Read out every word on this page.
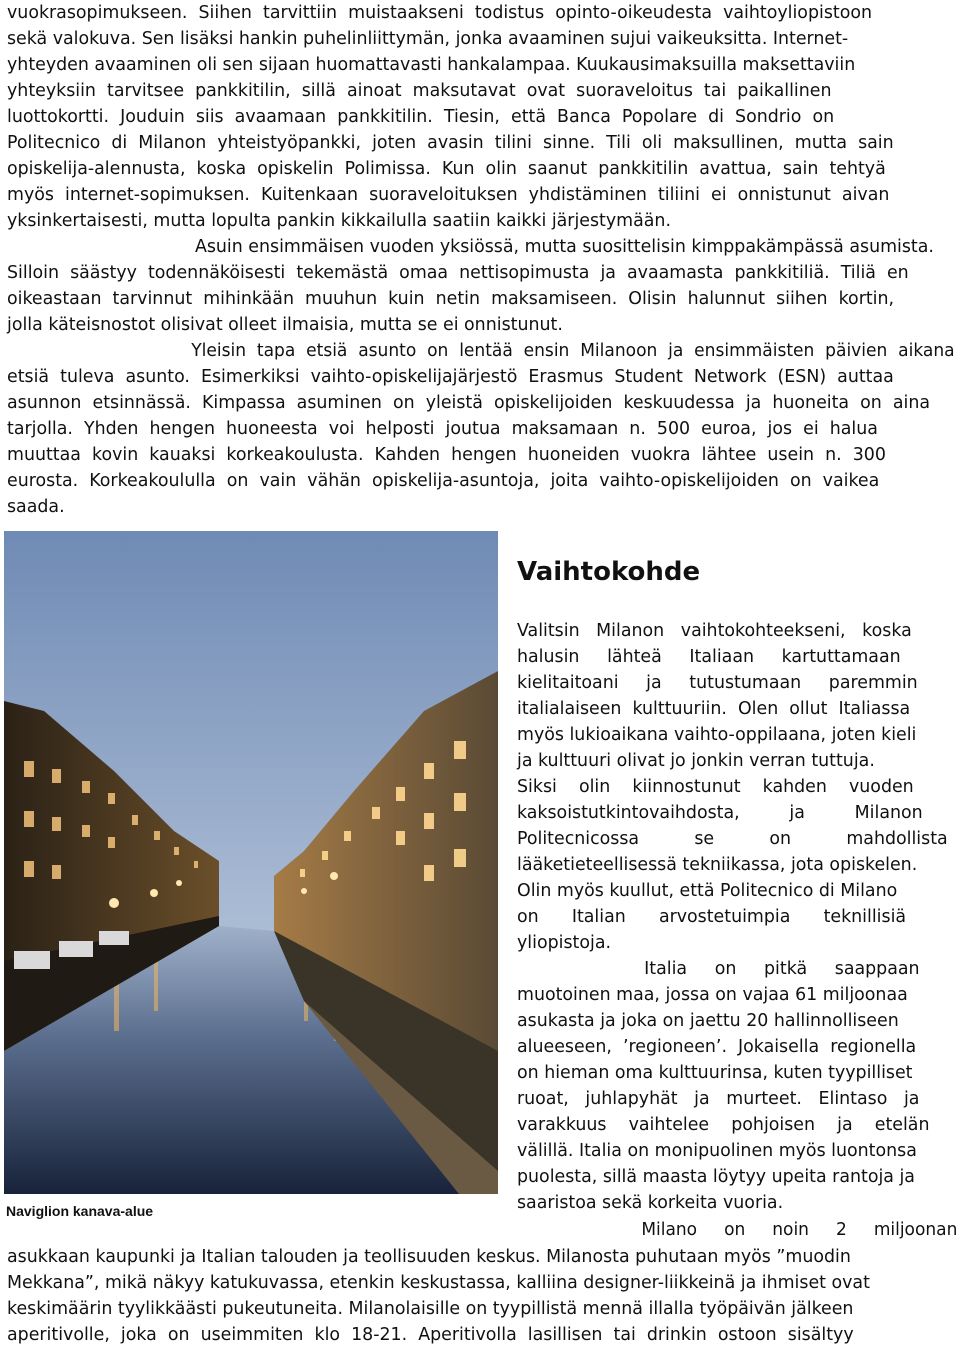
vuokrasopimukseen.  Siihen  tarvittiin  muistaakseni  todistus  opinto-oikeudesta  vaihtoyliopistoon
sekä valokuva. Sen lisäksi hankin puhelinliittymän, jonka avaaminen sujui vaikeuksitta. Internet-
yhteyden avaaminen oli sen sijaan huomattavasti hankalampaa. Kuukausimaksuilla maksettaviin
yhteyksiin  tarvitsee  pankkitilin,  sillä  ainoat  maksutavat  ovat  suoraveloitus  tai  paikallinen
luottokortti.  Jouduin  siis  avaamaan  pankkitilin.  Tiesin,  että  Banca  Popolare  di  Sondrio  on
Politecnico  di  Milanon  yhteistyöpankki,  joten  avasin  tilini  sinne.  Tili  oli  maksullinen,  mutta  sain
opiskelija-alennusta,  koska  opiskelin  Polimissa.  Kun  olin  saanut  pankkitilin  avattua,  sain  tehtyä
myös  internet-sopimuksen.  Kuitenkaan  suoraveloituksen  yhdistäminen  tiliini  ei  onnistunut  aivan
yksinkertaisesti, mutta lopulta pankin kikkailulla saatiin kaikki järjestymään.
Asuin ensimmäisen vuoden yksiössä, mutta suosittelisin kimppakämpässä asumista.
Silloin  säästyy  todennäköisesti  tekemästä  omaa  nettisopimusta  ja  avaamasta  pankkitiliä.  Tiliä  en
oikeastaan  tarvinnut  mihinkään  muuhun  kuin  netin  maksamiseen.  Olisin  halunnut  siihen  kortin,
jolla käteisnostot olisivat olleet ilmaisia, mutta se ei onnistunut.
Yleisin  tapa  etsiä  asunto  on  lentää  ensin  Milanoon  ja  ensimmäisten  päivien  aikana
etsiä  tuleva  asunto.  Esimerkiksi  vaihto-opiskelijajärjestö  Erasmus  Student  Network  (ESN)  auttaa
asunnon  etsinnässä.  Kimpassa  asuminen  on  yleistä  opiskelijoiden  keskuudessa  ja  huoneita  on  aina
tarjolla.  Yhden  hengen  huoneesta  voi  helposti  joutua  maksamaan  n.  500  euroa,  jos  ei  halua
muuttaa  kovin  kauaksi  korkeakoulusta.  Kahden  hengen  huoneiden  vuokra  lähtee  usein  n.  300
eurosta.  Korkeakoululla  on  vain  vähän  opiskelija-asuntoja,  joita  vaihto-opiskelijoiden  on  vaikea
saada.
Naviglion kanava-alue
Vaihtokohde
Valitsin   Milanon   vaihtokohteekseni,   koska
halusin     lähteä     Italiaan     kartuttamaan
kielitaitoani     ja     tutustumaan     paremmin
italialaiseen  kulttuuriin.  Olen  ollut  Italiassa
myös lukioaikana vaihto-oppilaana, joten kieli
ja kulttuuri olivat jo jonkin verran tuttuja.
Siksi    olin    kiinnostunut    kahden    vuoden
kaksoistutkintovaihdosta,         ja         Milanon
Politecnicossa          se          on          mahdollista
lääketieteellisessä tekniikassa, jota opiskelen.
Olin myös kuullut, että Politecnico di Milano
on      Italian      arvostetuimpia      teknillisiä
yliopistoja.
Italia     on     pitkä     saappaan
muotoinen maa, jossa on vajaa 61 miljoonaa
asukasta ja joka on jaettu 20 hallinnolliseen
alueeseen,  ’regioneen’.  Jokaisella  regionella
on hieman oma kulttuurinsa, kuten tyypilliset
ruoat,   juhlapyhät   ja   murteet.   Elintaso   ja
varakkuus    vaihtelee    pohjoisen    ja    etelän
välillä. Italia on monipuolinen myös luontonsa
puolesta, sillä maasta löytyy upeita rantoja ja
saaristoa sekä korkeita vuoria.
Milano     on     noin     2     miljoonan
asukkaan kaupunki ja Italian talouden ja teollisuuden keskus. Milanosta puhutaan myös ”muodin
Mekkana”, mikä näkyy katukuvassa, etenkin keskustassa, kalliina designer-liikkeinä ja ihmiset ovat
keskimäärin tyylikkäästi pukeutuneita. Milanolaisille on tyypillistä mennä illalla työpäivän jälkeen
aperitivolle,  joka  on  useimmiten  klo  18-21.  Aperitivolla  lasillisen  tai  drinkin  ostoon  sisältyy
